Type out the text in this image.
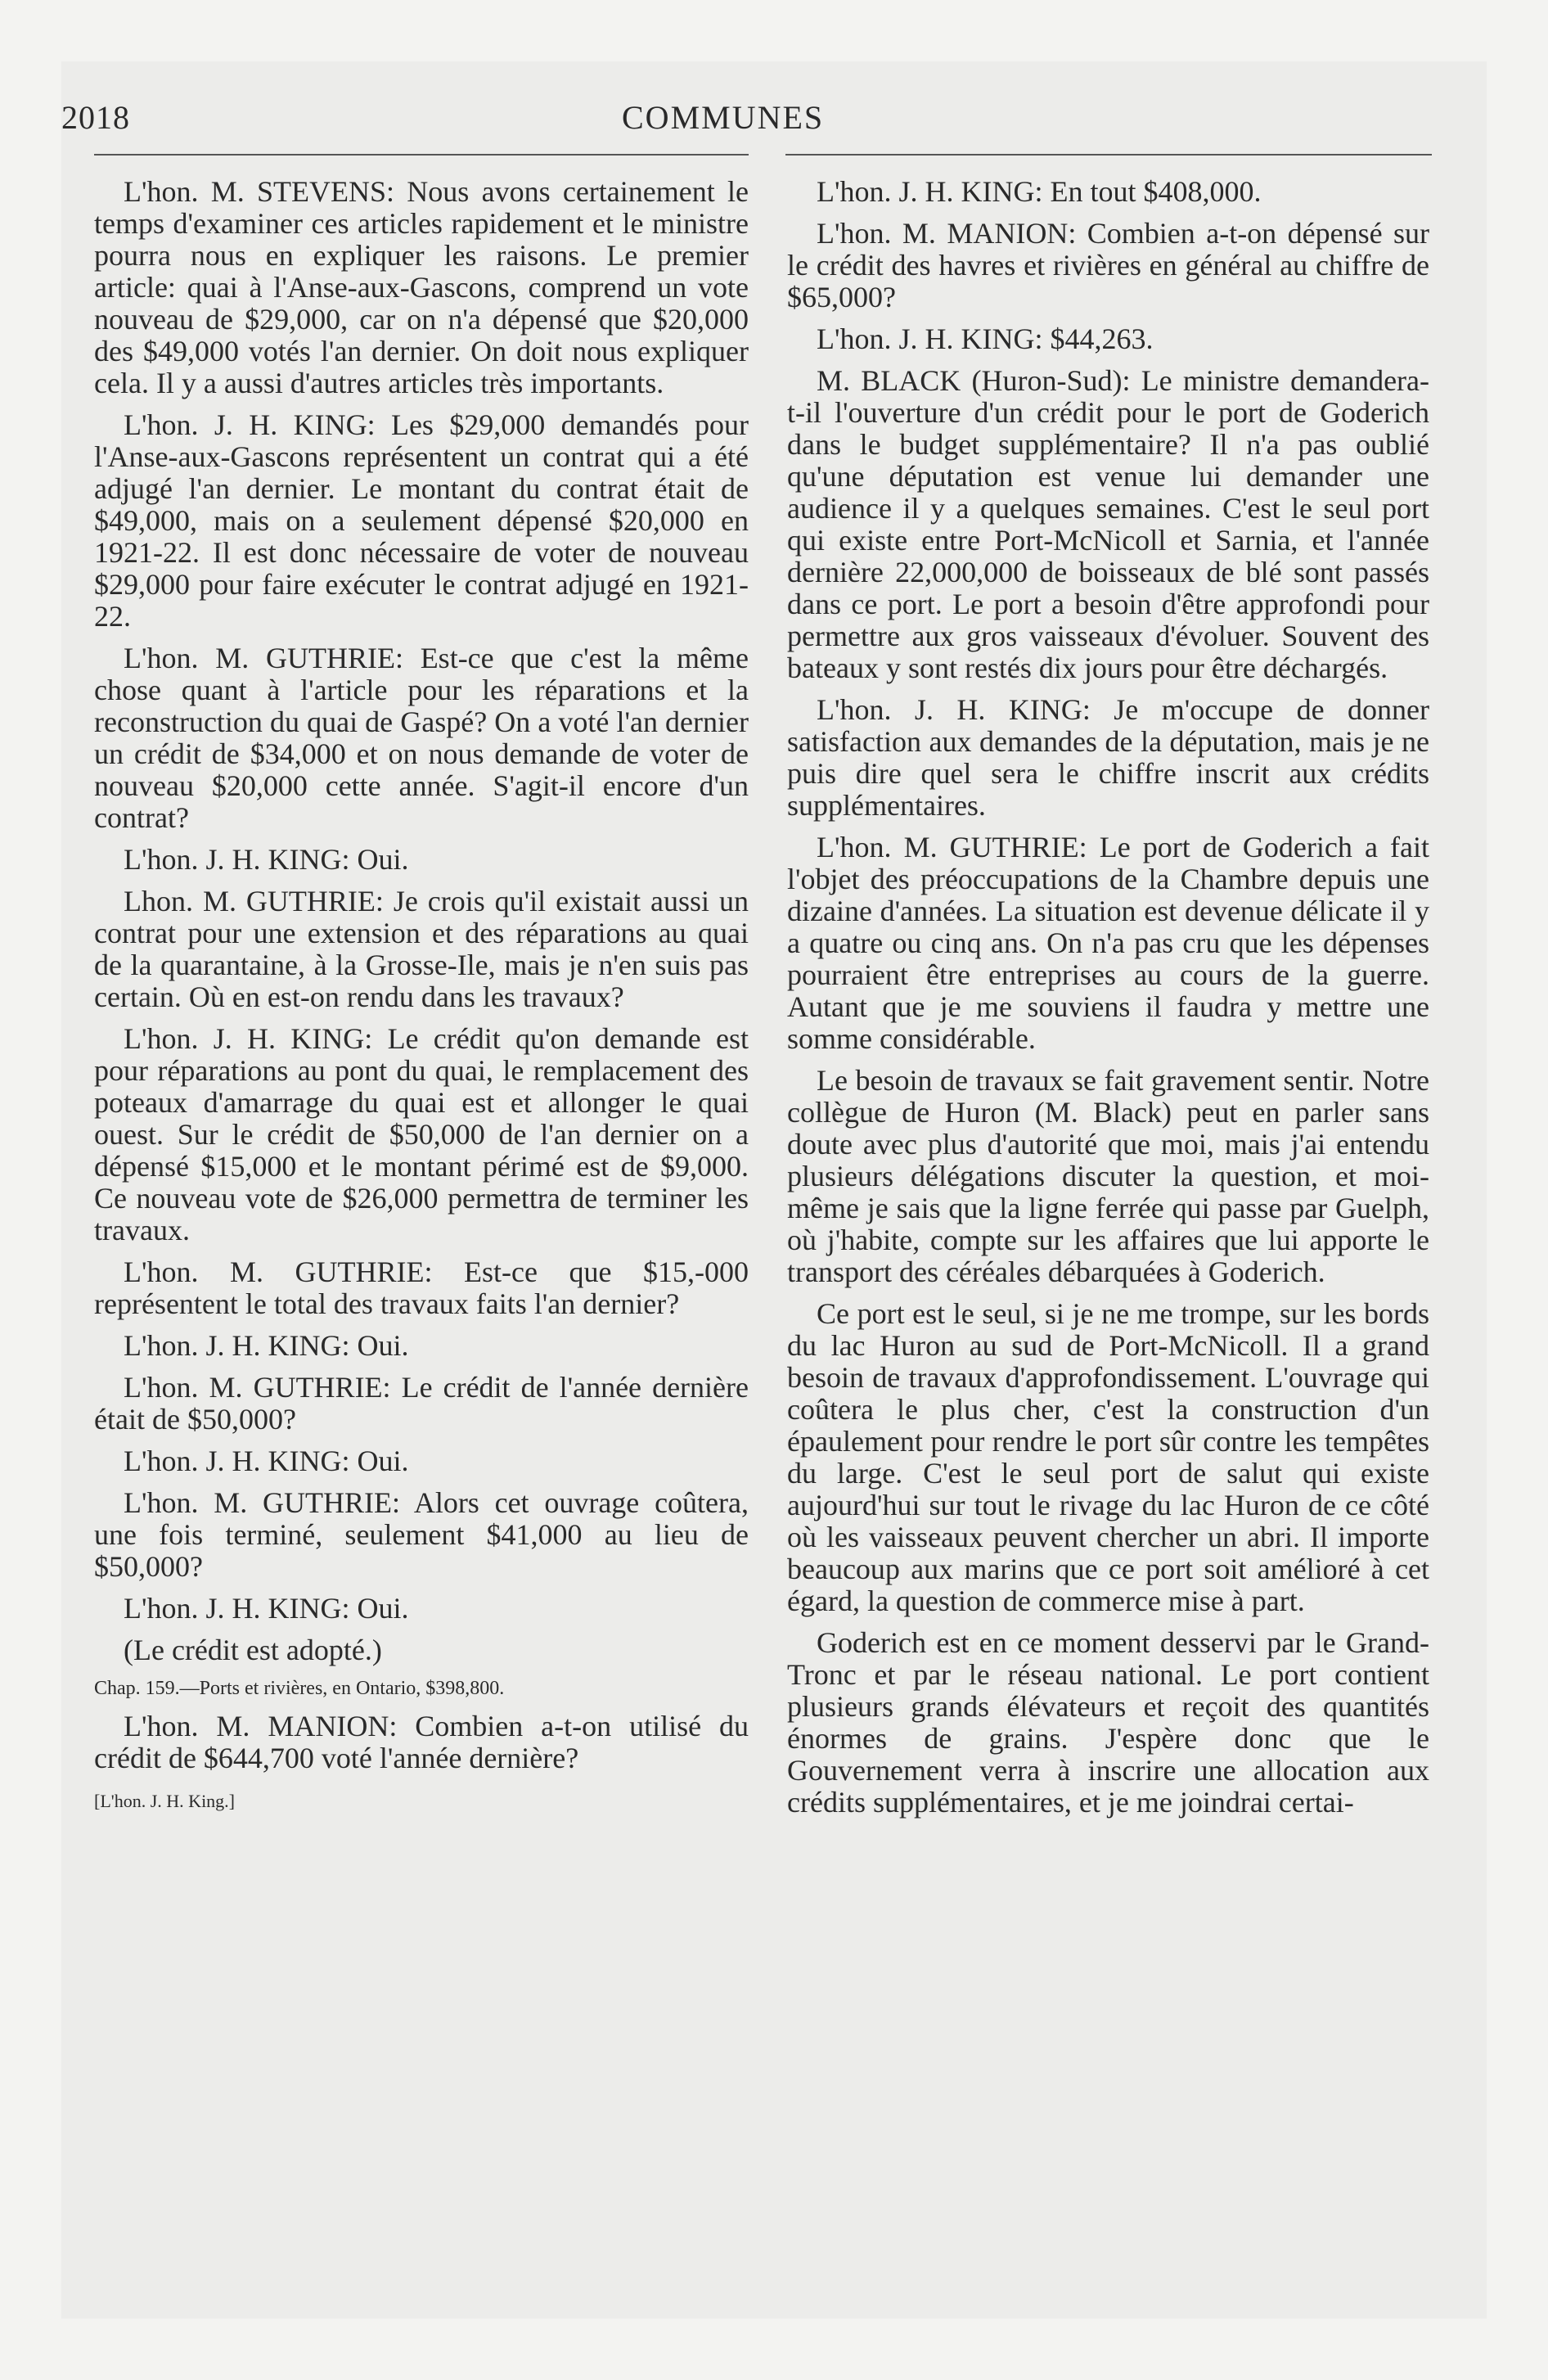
2018	COMMUNES

L'hon. M. STEVENS: Nous avons certainement le temps d'examiner ces articles rapidement et le ministre pourra nous en expliquer les raisons. Le premier article: quai à l'Anse-aux-Gascons, comprend un vote nouveau de $29,000, car on n'a dépensé que $20,000 des $49,000 votés l'an dernier. On doit nous expliquer cela. Il y a aussi d'autres articles très importants.

L'hon. J. H. KING: Les $29,000 demandés pour l'Anse-aux-Gascons représentent un contrat qui a été adjugé l'an dernier. Le montant du contrat était de $49,000, mais on a seulement dépensé $20,000 en 1921-22. Il est donc nécessaire de voter de nouveau $29,000 pour faire exécuter le contrat adjugé en 1921-22.

L'hon. M. GUTHRIE: Est-ce que c'est la même chose quant à l'article pour les réparations et la reconstruction du quai de Gaspé? On a voté l'an dernier un crédit de $34,000 et on nous demande de voter de nouveau $20,000 cette année. S'agit-il encore d'un contrat?

L'hon. J. H. KING: Oui.

Lhon. M. GUTHRIE: Je crois qu'il existait aussi un contrat pour une extension et des réparations au quai de la quarantaine, à la Grosse-Ile, mais je n'en suis pas certain. Où en est-on rendu dans les travaux?

L'hon. J. H. KING: Le crédit qu'on demande est pour réparations au pont du quai, le remplacement des poteaux d'amarrage du quai est et allonger le quai ouest. Sur le crédit de $50,000 de l'an dernier on a dépensé $15,000 et le montant périmé est de $9,000. Ce nouveau vote de $26,000 permettra de terminer les travaux.

L'hon. M. GUTHRIE: Est-ce que $15,-000 représentent le total des travaux faits l'an dernier?

L'hon. J. H. KING: Oui.

L'hon. M. GUTHRIE: Le crédit de l'année dernière était de $50,000?

L'hon. J. H. KING: Oui.

L'hon. M. GUTHRIE: Alors cet ouvrage coûtera, une fois terminé, seulement $41,000 au lieu de $50,000?

L'hon. J. H. KING: Oui.

(Le crédit est adopté.)

Chap. 159.—Ports et rivières, en Ontario, $398,800.

L'hon. M. MANION: Combien a-t-on utilisé du crédit de $644,700 voté l'année dernière?

[L'hon. J. H. King.]

L'hon. J. H. KING: En tout $408,000.

L'hon. M. MANION: Combien a-t-on dépensé sur le crédit des havres et rivières en général au chiffre de $65,000?

L'hon. J. H. KING: $44,263.

M. BLACK (Huron-Sud): Le ministre demandera-t-il l'ouverture d'un crédit pour le port de Goderich dans le budget supplémentaire? Il n'a pas oublié qu'une députation est venue lui demander une audience il y a quelques semaines. C'est le seul port qui existe entre Port-McNicoll et Sarnia, et l'année dernière 22,000,000 de boisseaux de blé sont passés dans ce port. Le port a besoin d'être approfondi pour permettre aux gros vaisseaux d'évoluer. Souvent des bateaux y sont restés dix jours pour être déchargés.

L'hon. J. H. KING: Je m'occupe de donner satisfaction aux demandes de la députation, mais je ne puis dire quel sera le chiffre inscrit aux crédits supplémentaires.

L'hon. M. GUTHRIE: Le port de Goderich a fait l'objet des préoccupations de la Chambre depuis une dizaine d'années. La situation est devenue délicate il y a quatre ou cinq ans. On n'a pas cru que les dépenses pourraient être entreprises au cours de la guerre. Autant que je me souviens il faudra y mettre une somme considérable.

Le besoin de travaux se fait gravement sentir. Notre collègue de Huron (M. Black) peut en parler sans doute avec plus d'autorité que moi, mais j'ai entendu plusieurs délégations discuter la question, et moi-même je sais que la ligne ferrée qui passe par Guelph, où j'habite, compte sur les affaires que lui apporte le transport des céréales débarquées à Goderich.

Ce port est le seul, si je ne me trompe, sur les bords du lac Huron au sud de Port-McNicoll. Il a grand besoin de travaux d'approfondissement. L'ouvrage qui coûtera le plus cher, c'est la construction d'un épaulement pour rendre le port sûr contre les tempêtes du large. C'est le seul port de salut qui existe aujourd'hui sur tout le rivage du lac Huron de ce côté où les vaisseaux peuvent chercher un abri. Il importe beaucoup aux marins que ce port soit amélioré à cet égard, la question de commerce mise à part.

Goderich est en ce moment desservi par le Grand-Tronc et par le réseau national. Le port contient plusieurs grands élévateurs et reçoit des quantités énormes de grains. J'espère donc que le Gouvernement verra à inscrire une allocation aux crédits supplémentaires, et je me joindrai certai-
